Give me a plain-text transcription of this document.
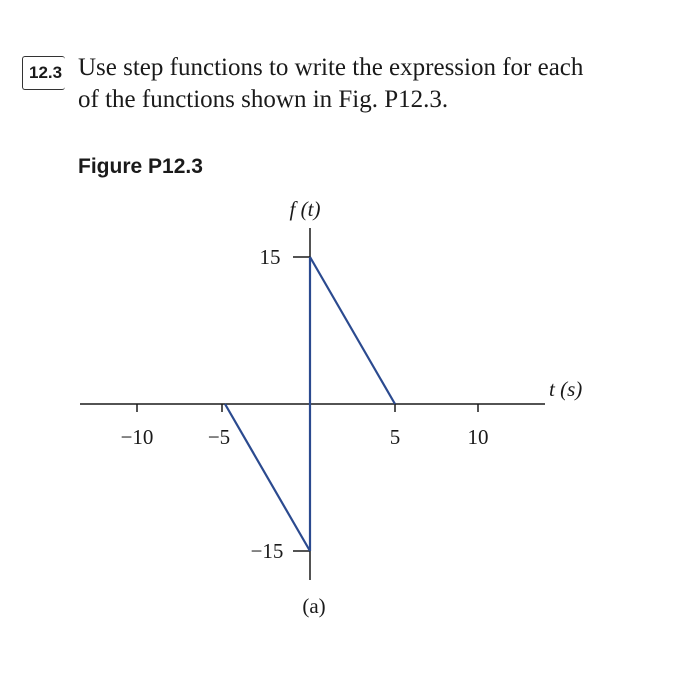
12.3 Use step functions to write the expression for each
of the functions shown in Fig. P12.3.
Figure P12.3
−10	−5	5	10
15
−15
f (t)
t (s)
(a)
